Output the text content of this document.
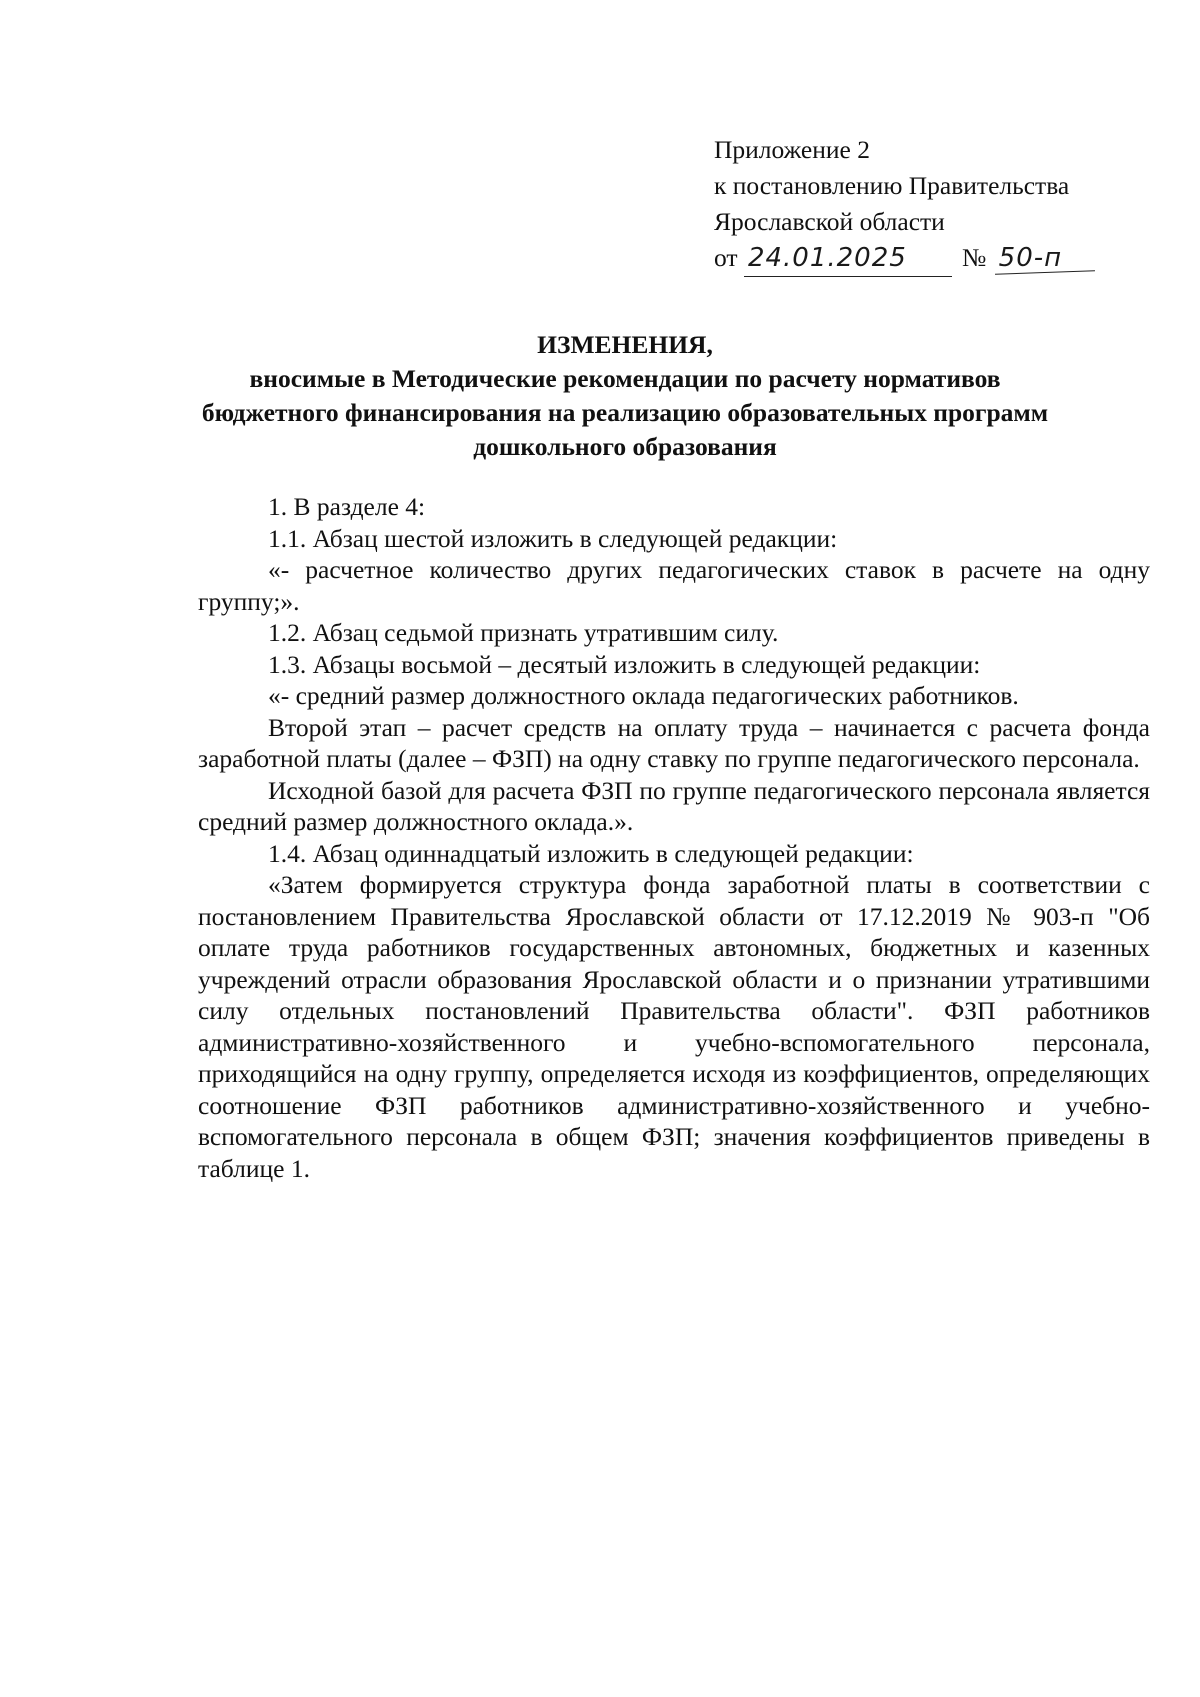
Приложение 2
к постановлению Правительства
Ярославской области
от 24.01.2025 № 50-п
ИЗМЕНЕНИЯ,
вносимые в Методические рекомендации по расчету нормативов бюджетного финансирования на реализацию образовательных программ дошкольного образования

1. В разделе 4:

1.1. Абзац шестой изложить в следующей редакции:

«- расчетное количество других педагогических ставок в расчете на одну группу;».

1.2. Абзац седьмой признать утратившим силу.

1.3. Абзацы восьмой – десятый изложить в следующей редакции:

«- средний размер должностного оклада педагогических работников.

Второй этап – расчет средств на оплату труда – начинается с расчета фонда заработной платы (далее – ФЗП) на одну ставку по группе педагогического персонала.

Исходной базой для расчета ФЗП по группе педагогического персонала является средний размер должностного оклада.».

1.4. Абзац одиннадцатый изложить в следующей редакции:

«Затем формируется структура фонда заработной платы в соответствии с постановлением Правительства Ярославской области от 17.12.2019 № 903-п "Об оплате труда работников государственных автономных, бюджетных и казенных учреждений отрасли образования Ярославской области и о признании утратившими силу отдельных постановлений Правительства области". ФЗП работников административно-хозяйственного и учебно-вспомогательного персонала, приходящийся на одну группу, определяется исходя из коэффициентов, определяющих соотношение ФЗП работников административно-хозяйственного и учебно-вспомогательного персонала в общем ФЗП; значения коэффициентов приведены в таблице 1.
